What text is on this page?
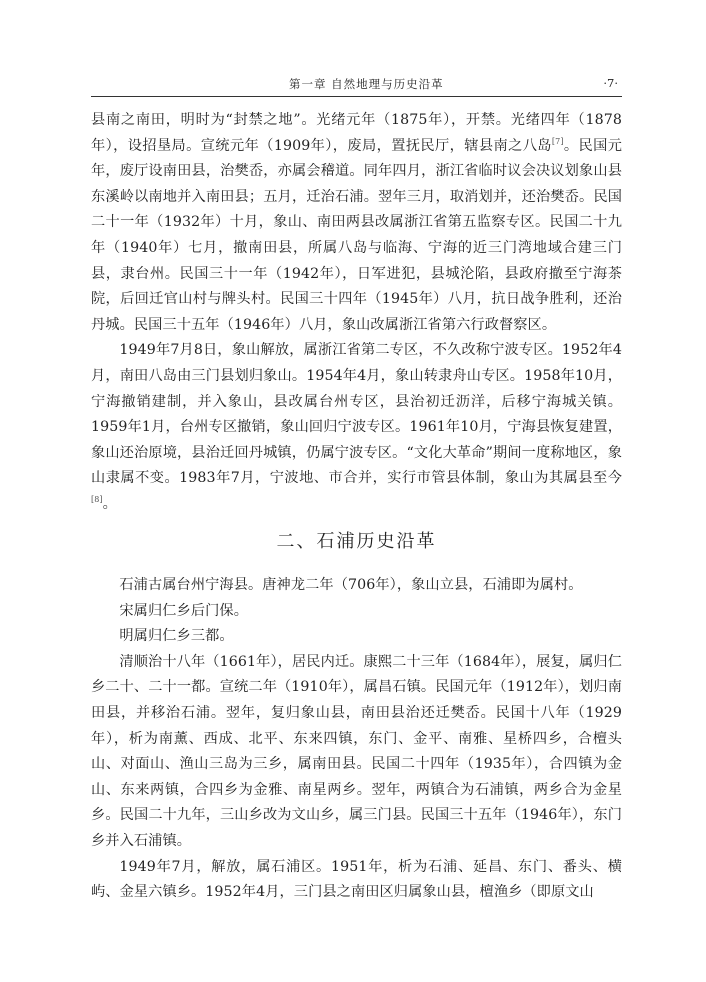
第一章 自然地理与历史沿革	·7·

县南之南田，明时为“封禁之地”。光绪元年（1875年），开禁。光绪四年（1878年），设招垦局。宣统元年（1909年），废局，置抚民厅，辖县南之八岛[7]。民国元年，废厅设南田县，治樊岙，亦属会稽道。同年四月，浙江省临时议会决议划象山县东溪岭以南地并入南田县；五月，迁治石浦。翌年三月，取消划并，还治樊岙。民国二十一年（1932年）十月，象山、南田两县改属浙江省第五监察专区。民国二十九年（1940年）七月，撤南田县，所属八岛与临海、宁海的近三门湾地域合建三门县，隶台州。民国三十一年（1942年），日军进犯，县城沦陷，县政府撤至宁海茶院，后回迁官山村与牌头村。民国三十四年（1945年）八月，抗日战争胜利，还治丹城。民国三十五年（1946年）八月，象山改属浙江省第六行政督察区。

1949年7月8日，象山解放，属浙江省第二专区，不久改称宁波专区。1952年4月，南田八岛由三门县划归象山。1954年4月，象山转隶舟山专区。1958年10月，宁海撤销建制，并入象山，县改属台州专区，县治初迁沥洋，后移宁海城关镇。1959年1月，台州专区撤销，象山回归宁波专区。1961年10月，宁海县恢复建置，象山还治原境，县治迁回丹城镇，仍属宁波专区。“文化大革命”期间一度称地区，象山隶属不变。1983年7月，宁波地、市合并，实行市管县体制，象山为其属县至今[8]。

二、石浦历史沿革

石浦古属台州宁海县。唐神龙二年（706年），象山立县，石浦即为属村。

宋属归仁乡后门保。

明属归仁乡三都。

清顺治十八年（1661年），居民内迁。康熙二十三年（1684年），展复，属归仁乡二十、二十一都。宣统二年（1910年），属昌石镇。民国元年（1912年），划归南田县，并移治石浦。翌年，复归象山县，南田县治还迁樊岙。民国十八年（1929年），析为南薰、西成、北平、东来四镇，东门、金平、南雅、星桥四乡，合檀头山、对面山、渔山三岛为三乡，属南田县。民国二十四年（1935年），合四镇为金山、东来两镇，合四乡为金雅、南星两乡。翌年，两镇合为石浦镇，两乡合为金星乡。民国二十九年，三山乡改为文山乡，属三门县。民国三十五年（1946年），东门乡并入石浦镇。

1949年7月，解放，属石浦区。1951年，析为石浦、延昌、东门、番头、横屿、金星六镇乡。1952年4月，三门县之南田区归属象山县，檀渔乡（即原文山
